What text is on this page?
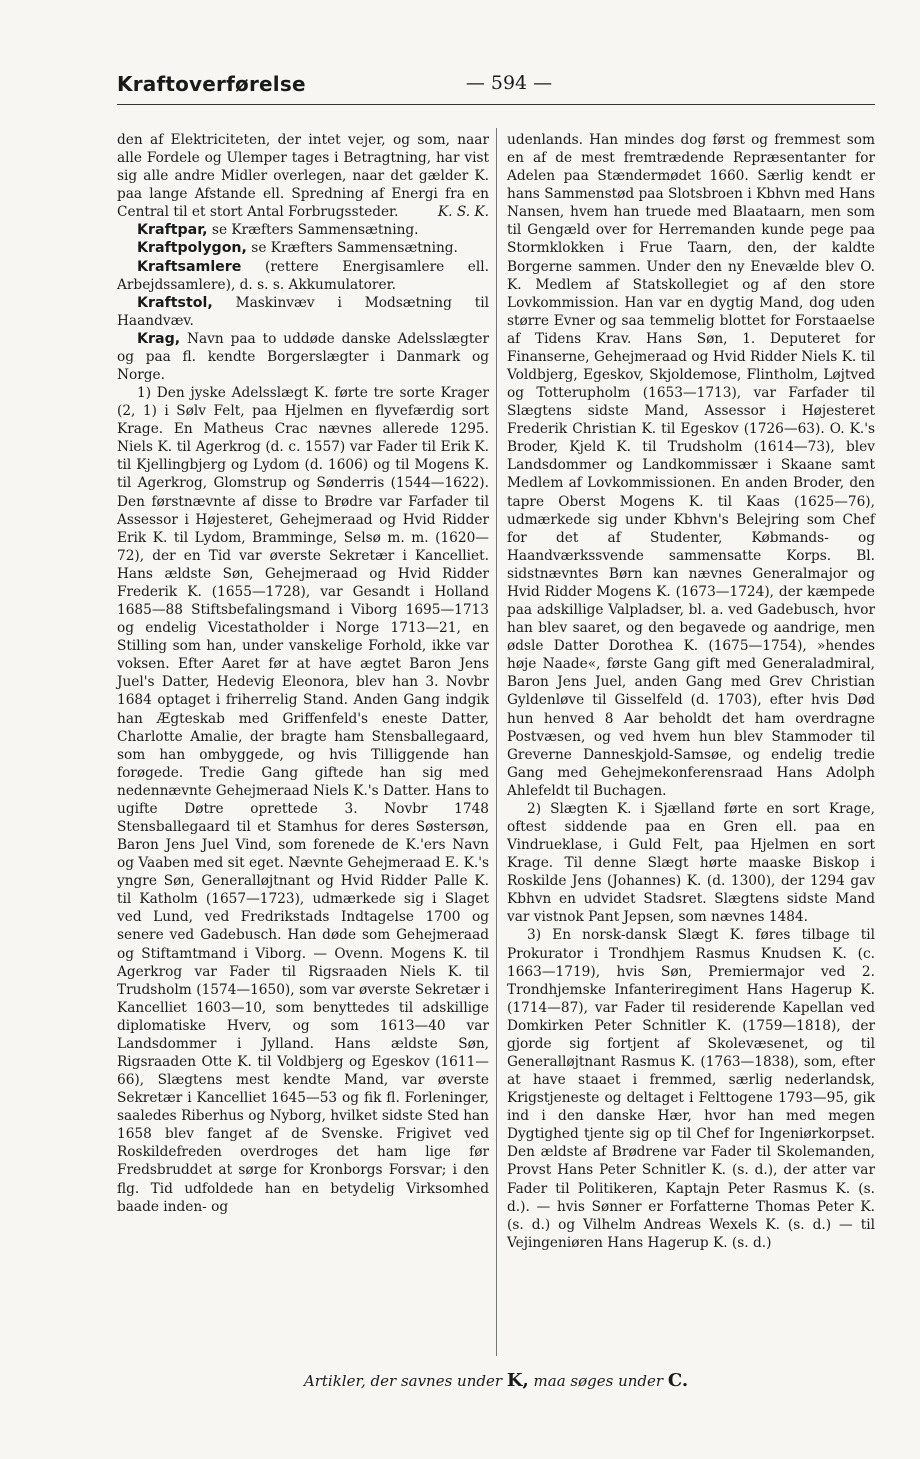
Kraftoverførelse	— 594 —

den af Elektriciteten, der intet vejer, og som, naar alle Fordele og Ulemper tages i Betragtning, har vist sig alle andre Midler overlegen, naar det gælder K. paa lange Afstande ell. Spredning af Energi fra en Central til et stort Antal Forbrugssteder.	K. S. K.

Kraftpar, se Kræfters Sammensætning.

Kraftpolygon, se Kræfters Sammensætning.

Kraftsamlere (rettere Energisamlere ell. Arbejdssamlere), d. s. s. Akkumulatorer.

Kraftstol, Maskinvæv i Modsætning til Haandvæv.

Krag, Navn paa to uddøde danske Adelsslægter og paa fl. kendte Borgerslægter i Danmark og Norge.

1) Den jyske Adelsslægt K. førte tre sorte Krager (2, 1) i Sølv Felt, paa Hjelmen en flyvefærdig sort Krage. En Matheus Crac nævnes allerede 1295. Niels K. til Agerkrog (d. c. 1557) var Fader til Erik K. til Kjellingbjerg og Lydom (d. 1606) og til Mogens K. til Agerkrog, Glomstrup og Sønderris (1544—1622). Den førstnævnte af disse to Brødre var Farfader til Assessor i Højesteret, Gehejmeraad og Hvid Ridder Erik K. til Lydom, Bramminge, Selsø m. m. (1620—72), der en Tid var øverste Sekretær i Kancelliet. Hans ældste Søn, Gehejmeraad og Hvid Ridder Frederik K. (1655—1728), var Gesandt i Holland 1685—88 Stiftsbefalingsmand i Viborg 1695—1713 og endelig Vicestatholder i Norge 1713—21, en Stilling som han, under vanskelige Forhold, ikke var voksen. Efter Aaret før at have ægtet Baron Jens Juel's Datter, Hedevig Eleonora, blev han 3. Novbr 1684 optaget i friherrelig Stand. Anden Gang indgik han Ægteskab med Griffenfeld's eneste Datter, Charlotte Amalie, der bragte ham Stensballegaard, som han ombyggede, og hvis Tilliggende han forøgede. Tredie Gang giftede han sig med nedennævnte Gehejmeraad Niels K.'s Datter. Hans to ugifte Døtre oprettede 3. Novbr 1748 Stensballegaard til et Stamhus for deres Søstersøn, Baron Jens Juel Vind, som forenede de K.'ers Navn og Vaaben med sit eget. Nævnte Gehejmeraad E. K.'s yngre Søn, Generalløjtnant og Hvid Ridder Palle K. til Katholm (1657—1723), udmærkede sig i Slaget ved Lund, ved Fredrikstads Indtagelse 1700 og senere ved Gadebusch. Han døde som Gehejmeraad og Stiftamtmand i Viborg. — Ovenn. Mogens K. til Agerkrog var Fader til Rigsraaden Niels K. til Trudsholm (1574—1650), som var øverste Sekretær i Kancelliet 1603—10, som benyttedes til adskillige diplomatiske Hverv, og som 1613—40 var Landsdommer i Jylland. Hans ældste Søn, Rigsraaden Otte K. til Voldbjerg og Egeskov (1611—66), Slægtens mest kendte Mand, var øverste Sekretær i Kancelliet 1645—53 og fik fl. Forleninger, saaledes Riberhus og Nyborg, hvilket sidste Sted han 1658 blev fanget af de Svenske. Frigivet ved Roskildefreden overdroges det ham lige før Fredsbruddet at sørge for Kronborgs Forsvar; i den flg. Tid udfoldede han en betydelig Virksomhed baade inden- og

udenlands. Han mindes dog først og fremmest som en af de mest fremtrædende Repræsentanter for Adelen paa Stændermødet 1660. Særlig kendt er hans Sammenstød paa Slotsbroen i Kbhvn med Hans Nansen, hvem han truede med Blaataarn, men som til Gengæld over for Herremanden kunde pege paa Stormklokken i Frue Taarn, den, der kaldte Borgerne sammen. Under den ny Enevælde blev O. K. Medlem af Statskollegiet og af den store Lovkommission. Han var en dygtig Mand, dog uden større Evner og saa temmelig blottet for Forstaaelse af Tidens Krav. Hans Søn, 1. Deputeret for Finanserne, Gehejmeraad og Hvid Ridder Niels K. til Voldbjerg, Egeskov, Skjoldemose, Flintholm, Løjtved og Totterupholm (1653—1713), var Farfader til Slægtens sidste Mand, Assessor i Højesteret Frederik Christian K. til Egeskov (1726—63). O. K.'s Broder, Kjeld K. til Trudsholm (1614—73), blev Landsdommer og Landkommissær i Skaane samt Medlem af Lovkommissionen. En anden Broder, den tapre Oberst Mogens K. til Kaas (1625—76), udmærkede sig under Kbhvn's Belejring som Chef for det af Studenter, Købmands- og Haandværkssvende sammensatte Korps. Bl. sidstnævntes Børn kan nævnes Generalmajor og Hvid Ridder Mogens K. (1673—1724), der kæmpede paa adskillige Valpladser, bl. a. ved Gadebusch, hvor han blev saaret, og den begavede og aandrige, men ødsle Datter Dorothea K. (1675—1754), »hendes høje Naade«, første Gang gift med Generaladmiral, Baron Jens Juel, anden Gang med Grev Christian Gyldenløve til Gisselfeld (d. 1703), efter hvis Død hun henved 8 Aar beholdt det ham overdragne Postvæsen, og ved hvem hun blev Stammoder til Greverne Danneskjold-Samsøe, og endelig tredie Gang med Gehejmekonferensraad Hans Adolph Ahlefeldt til Buchagen.

2) Slægten K. i Sjælland førte en sort Krage, oftest siddende paa en Gren ell. paa en Vindrueklase, i Guld Felt, paa Hjelmen en sort Krage. Til denne Slægt hørte maaske Biskop i Roskilde Jens (Johannes) K. (d. 1300), der 1294 gav Kbhvn en udvidet Stadsret. Slægtens sidste Mand var vistnok Pant Jepsen, som nævnes 1484.

3) En norsk-dansk Slægt K. føres tilbage til Prokurator i Trondhjem Rasmus Knudsen K. (c. 1663—1719), hvis Søn, Premiermajor ved 2. Trondhjemske Infanteriregiment Hans Hagerup K. (1714—87), var Fader til residerende Kapellan ved Domkirken Peter Schnitler K. (1759—1818), der gjorde sig fortjent af Skolevæsenet, og til Generalløjtnant Rasmus K. (1763—1838), som, efter at have staaet i fremmed, særlig nederlandsk, Krigstjeneste og deltaget i Felttogene 1793—95, gik ind i den danske Hær, hvor han med megen Dygtighed tjente sig op til Chef for Ingeniørkorpset. Den ældste af Brødrene var Fader til Skolemanden, Provst Hans Peter Schnitler K. (s. d.), der atter var Fader til Politikeren, Kaptajn Peter Rasmus K. (s. d.). — hvis Sønner er Forfatterne Thomas Peter K. (s. d.) og Vilhelm Andreas Wexels K. (s. d.) — til Vejingeniøren Hans Hagerup K. (s. d.)

Artikler, der savnes under K, maa søges under C.
